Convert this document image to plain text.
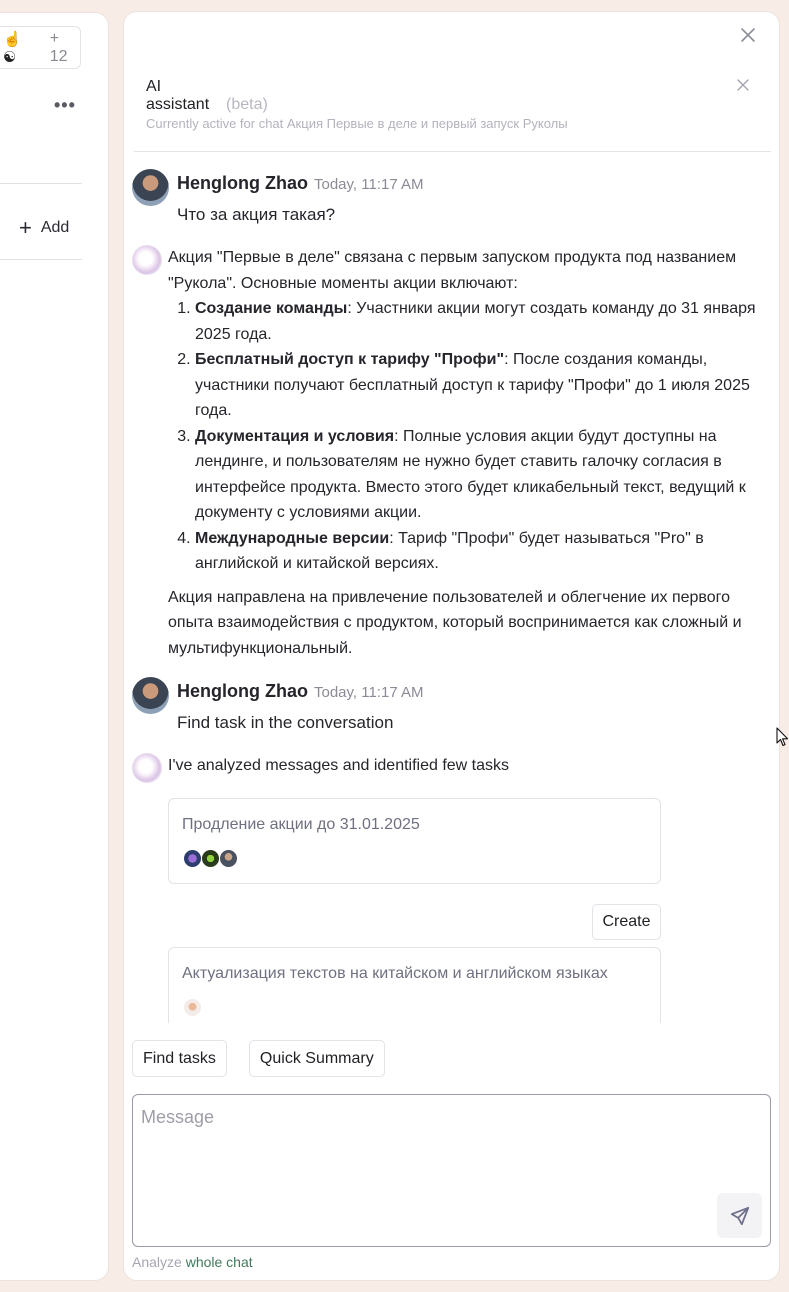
☝️☯
+ 12
•••
+ Add
AI assistant (beta)
Currently active for chat Акция Первые в деле и первый запуск Руколы
Henglong Zhao Today, 11:17 AM
Что за акция такая?

Акция "Первые в деле" связана с первым запуском продукта под названием "Рукола". Основные моменты акции включают:

1. Создание команды: Участники акции могут создать команду до 31 января 2025 года.
2. Бесплатный доступ к тарифу "Профи": После создания команды, участники получают бесплатный доступ к тарифу "Профи" до 1 июля 2025 года.
3. Документация и условия: Полные условия акции будут доступны на лендинге, и пользователям не нужно будет ставить галочку согласия в интерфейсе продукта. Вместо этого будет кликабельный текст, ведущий к документу с условиями акции.
4. Международные версии: Тариф "Профи" будет называться "Pro" в английской и китайской версиях.

Акция направлена на привлечение пользователей и облегчение их первого опыта взаимодействия с продуктом, который воспринимается как сложный и мультифункциональный.

Henglong Zhao Today, 11:17 AM
Find task in the conversation

I've analyzed messages and identified few tasks

Продление акции до 31.01.2025
Create
Актуализация текстов на китайском и английском языках
Find tasks	Quick Summary
Message
Analyze whole chat
